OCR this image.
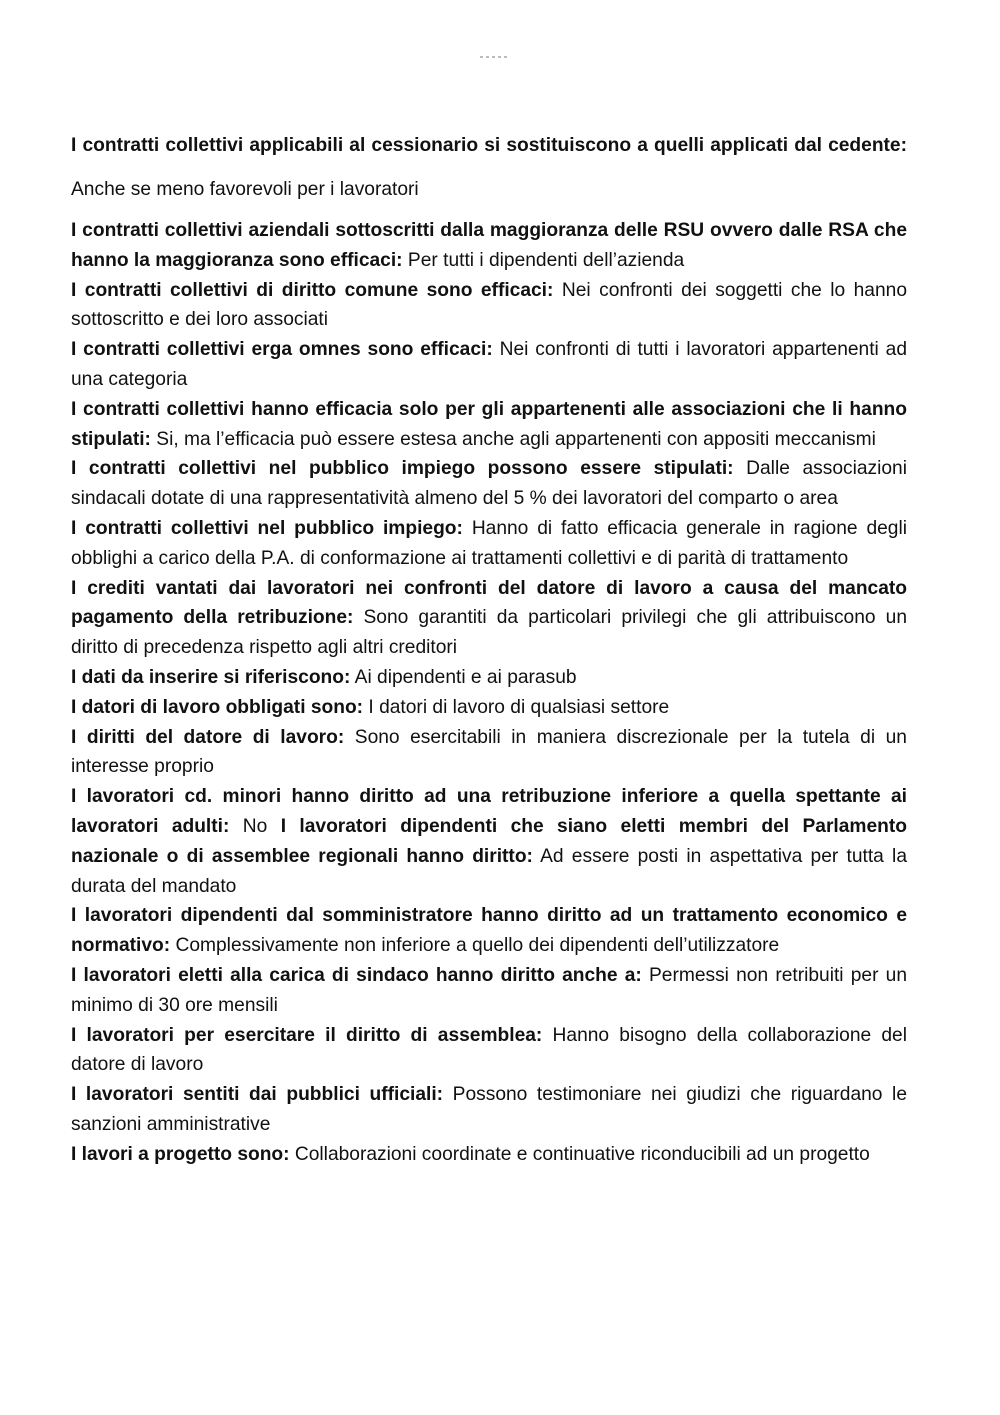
I contratti collettivi applicabili al cessionario si sostituiscono a quelli applicati dal cedente: Anche se meno favorevoli per i lavoratori

I contratti collettivi aziendali sottoscritti dalla maggioranza delle RSU ovvero dalle RSA che hanno la maggioranza sono efficaci: Per tutti i dipendenti dell’azienda

I contratti collettivi di diritto comune sono efficaci: Nei confronti dei soggetti che lo hanno sottoscritto e dei loro associati

I contratti collettivi erga omnes sono efficaci: Nei confronti di tutti i lavoratori appartenenti ad una categoria

I contratti collettivi hanno efficacia solo per gli appartenenti alle associazioni che li hanno stipulati: Si, ma l’efficacia può essere estesa anche agli appartenenti con appositi meccanismi

I contratti collettivi nel pubblico impiego possono essere stipulati: Dalle associazioni sindacali dotate di una rappresentatività almeno del 5 % dei lavoratori del comparto o area

I contratti collettivi nel pubblico impiego: Hanno di fatto efficacia generale in ragione degli obblighi a carico della P.A. di conformazione ai trattamenti collettivi e di parità di trattamento

I crediti vantati dai lavoratori nei confronti del datore di lavoro a causa del mancato pagamento della retribuzione: Sono garantiti da particolari privilegi che gli attribuiscono un diritto di precedenza rispetto agli altri creditori

I dati da inserire si riferiscono: Ai dipendenti e ai parasub

I datori di lavoro obbligati sono: I datori di lavoro di qualsiasi settore

I diritti del datore di lavoro: Sono esercitabili in maniera discrezionale per la tutela di un interesse proprio

I lavoratori cd. minori hanno diritto ad una retribuzione inferiore a quella spettante ai lavoratori adulti: No I lavoratori dipendenti che siano eletti membri del Parlamento nazionale o di assemblee regionali hanno diritto: Ad essere posti in aspettativa per tutta la durata del mandato

I lavoratori dipendenti dal somministratore hanno diritto ad un trattamento economico e normativo: Complessivamente non inferiore a quello dei dipendenti dell’utilizzatore

I lavoratori eletti alla carica di sindaco hanno diritto anche a: Permessi non retribuiti per un minimo di 30 ore mensili

I lavoratori per esercitare il diritto di assemblea: Hanno bisogno della collaborazione del datore di lavoro

I lavoratori sentiti dai pubblici ufficiali: Possono testimoniare nei giudizi che riguardano le sanzioni amministrative

I lavori a progetto sono: Collaborazioni coordinate e continuative riconducibili ad un progetto
